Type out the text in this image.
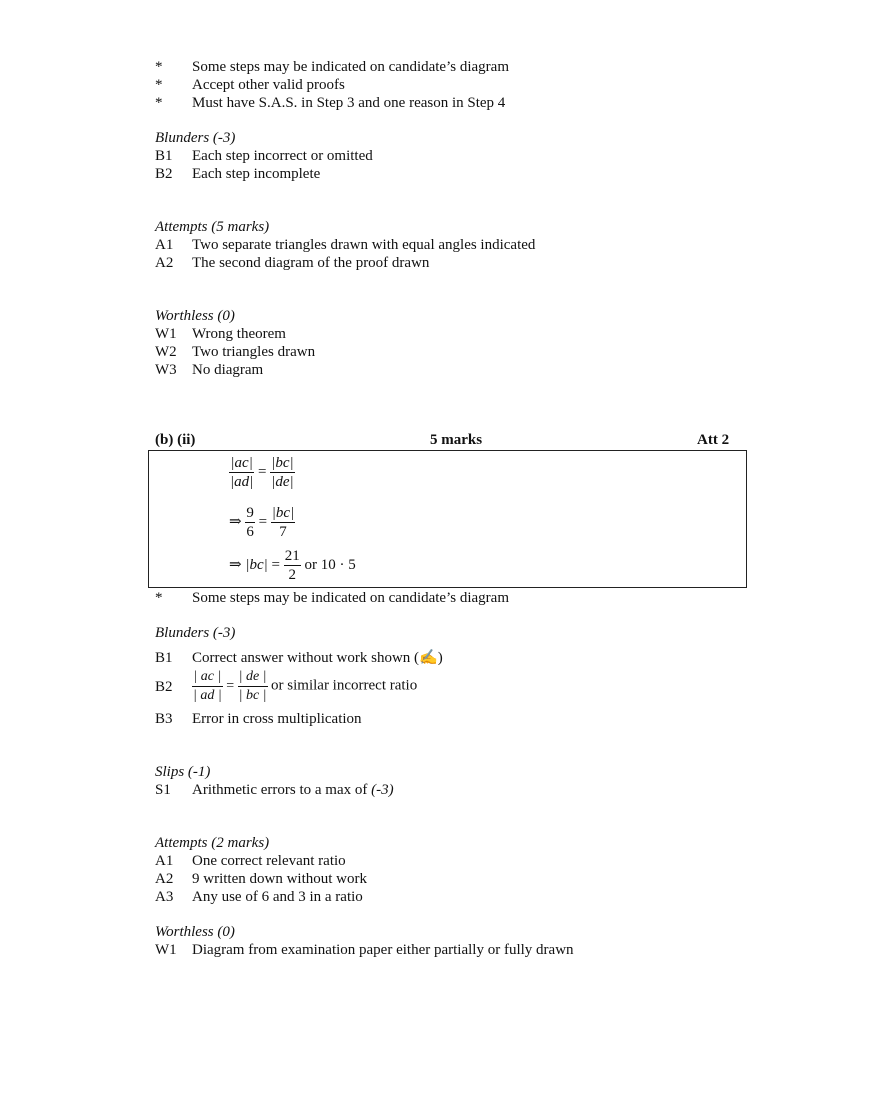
* Some steps may be indicated on candidate’s diagram
* Accept other valid proofs
* Must have S.A.S. in Step 3 and one reason in Step 4
Blunders (-3)
B1 Each step incorrect or omitted
B2 Each step incomplete
Attempts (5 marks)
A1 Two separate triangles drawn with equal angles indicated
A2 The second diagram of the proof drawn
Worthless (0)
W1 Wrong theorem
W2 Two triangles drawn
W3 No diagram
(b) (ii)	5 marks	Att 2
$\frac{|ac|}{|ad|} = \frac{|bc|}{|de|}$
⇒ $\frac{9}{6} = \frac{|bc|}{7}$
⇒ $|bc| = \frac{21}{2}$ or 10 · 5
* Some steps may be indicated on candidate’s diagram
Blunders (-3)
B1 Correct answer without work shown (✍)
$B2 \frac{| ac |}{| ad |} = \frac{| de |}{| bc |}$ or similar incorrect ratio
B3 Error in cross multiplication
Slips (-1)
S1 Arithmetic errors to a max of (-3)
Attempts (2 marks)
A1 One correct relevant ratio
A2 9 written down without work
A3 Any use of 6 and 3 in a ratio
Worthless (0)
W1 Diagram from examination paper either partially or fully drawn
